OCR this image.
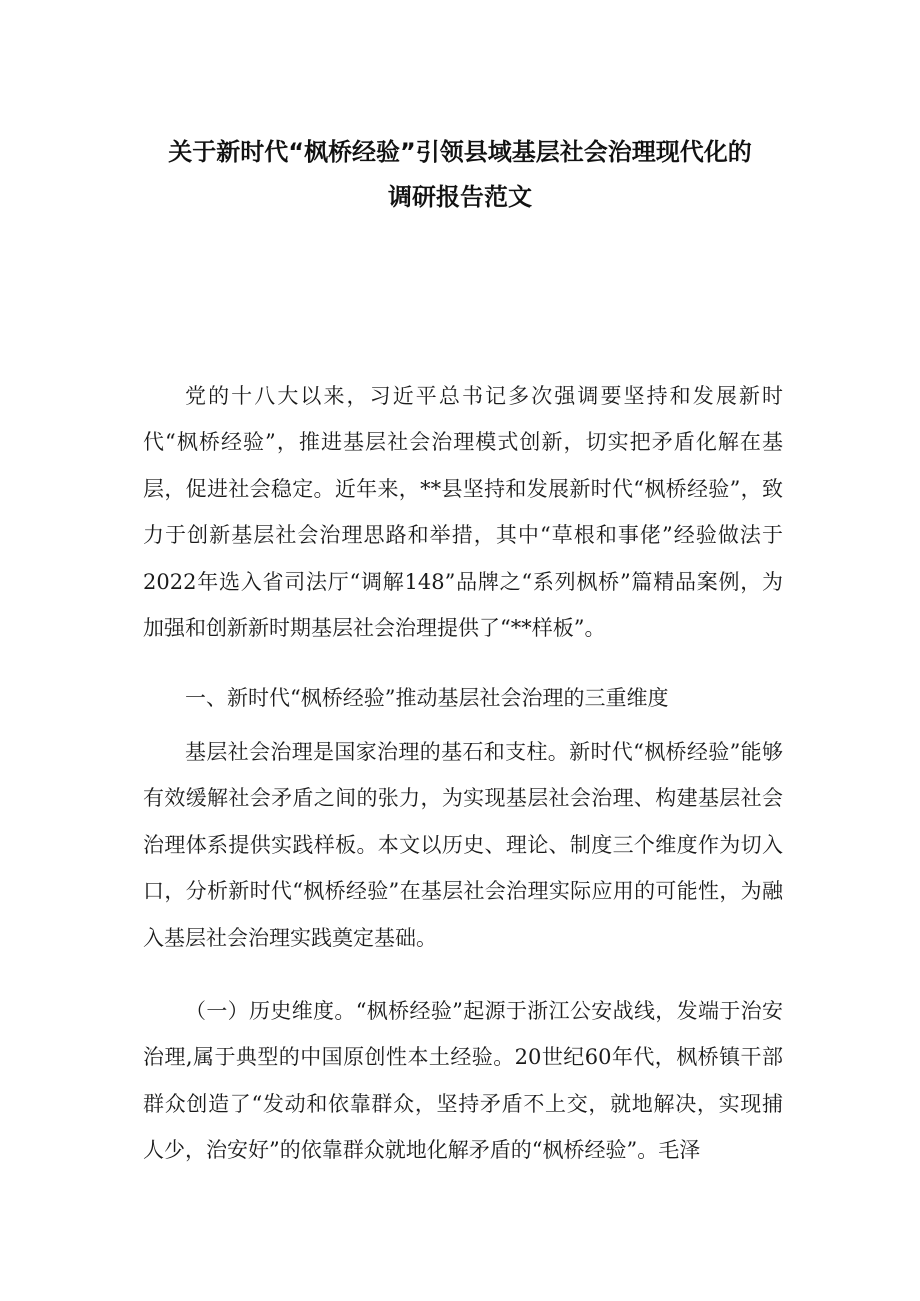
关于新时代“枫桥经验”引领县域基层社会治理现代化的
调研报告范文

党的十八大以来，习近平总书记多次强调要坚持和发展新时代“枫桥经验”，推进基层社会治理模式创新，切实把矛盾化解在基层，促进社会稳定。近年来，**县坚持和发展新时代“枫桥经验”，致力于创新基层社会治理思路和举措，其中“草根和事佬”经验做法于2022年选入省司法厅“调解148”品牌之“系列枫桥”篇精品案例，为加强和创新新时期基层社会治理提供了“**样板”。

一、新时代“枫桥经验”推动基层社会治理的三重维度

基层社会治理是国家治理的基石和支柱。新时代“枫桥经验”能够有效缓解社会矛盾之间的张力，为实现基层社会治理、构建基层社会治理体系提供实践样板。本文以历史、理论、制度三个维度作为切入口，分析新时代“枫桥经验”在基层社会治理实际应用的可能性，为融入基层社会治理实践奠定基础。

（一）历史维度。“枫桥经验”起源于浙江公安战线，发端于治安治理,属于典型的中国原创性本土经验。20世纪60年代，枫桥镇干部群众创造了“发动和依靠群众，坚持矛盾不上交，就地解决，实现捕人少，治安好”的依靠群众就地化解矛盾的“枫桥经验”。毛泽
